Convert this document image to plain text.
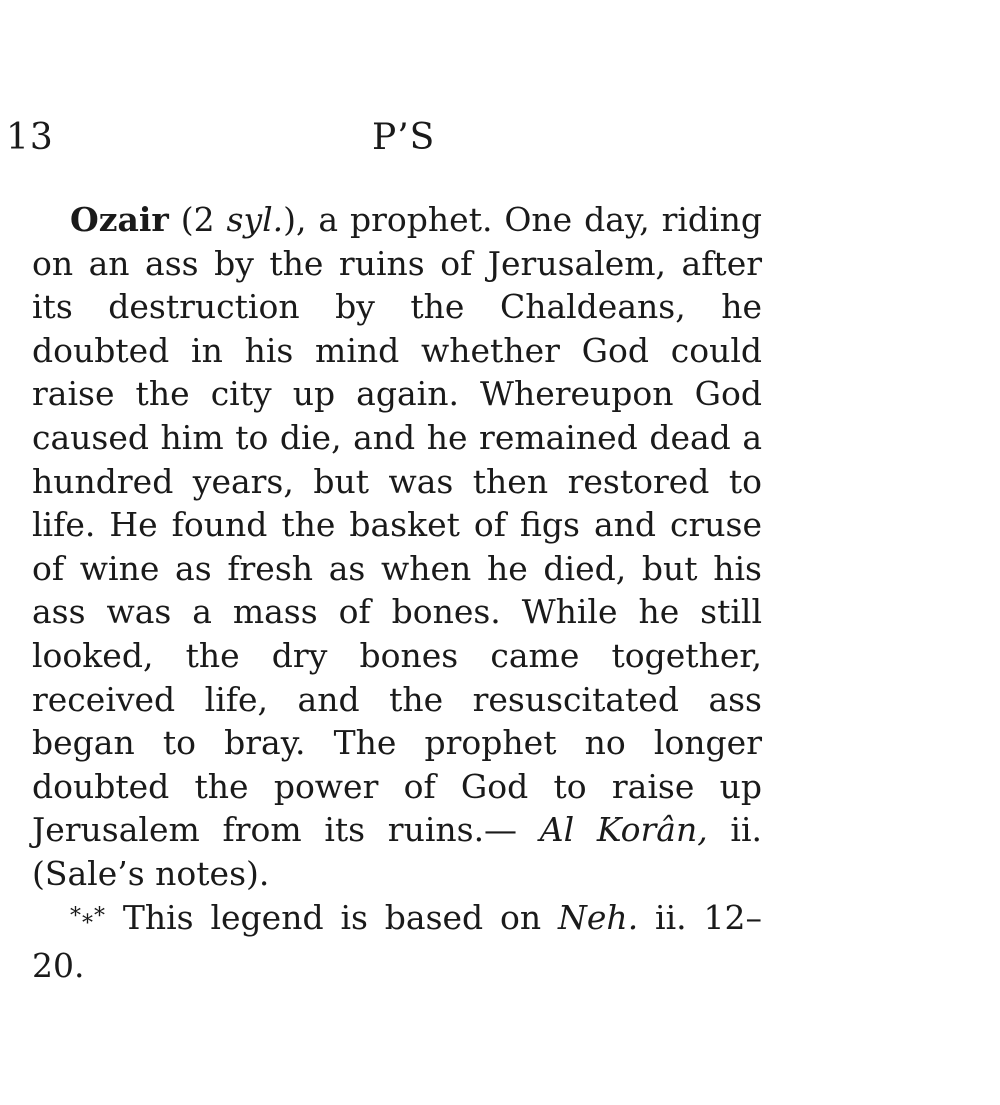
13	P’S

Ozair (2 syl.), a prophet. One day, riding on an ass by the ruins of Jerusalem, after its destruction by the Chaldeans, he doubted in his mind whether God could raise the city up again. Whereupon God caused him to die, and he remained dead a hundred years, but was then restored to life. He found the basket of figs and cruse of wine as fresh as when he died, but his ass was a mass of bones. While he still looked, the dry bones came together, received life, and the resuscitated ass began to bray. The prophet no longer doubted the power of God to raise up Jerusalem from its ruins.— Al Korân, ii. (Sale’s notes).

*⁎* This legend is based on Neh. ii. 12–20.
